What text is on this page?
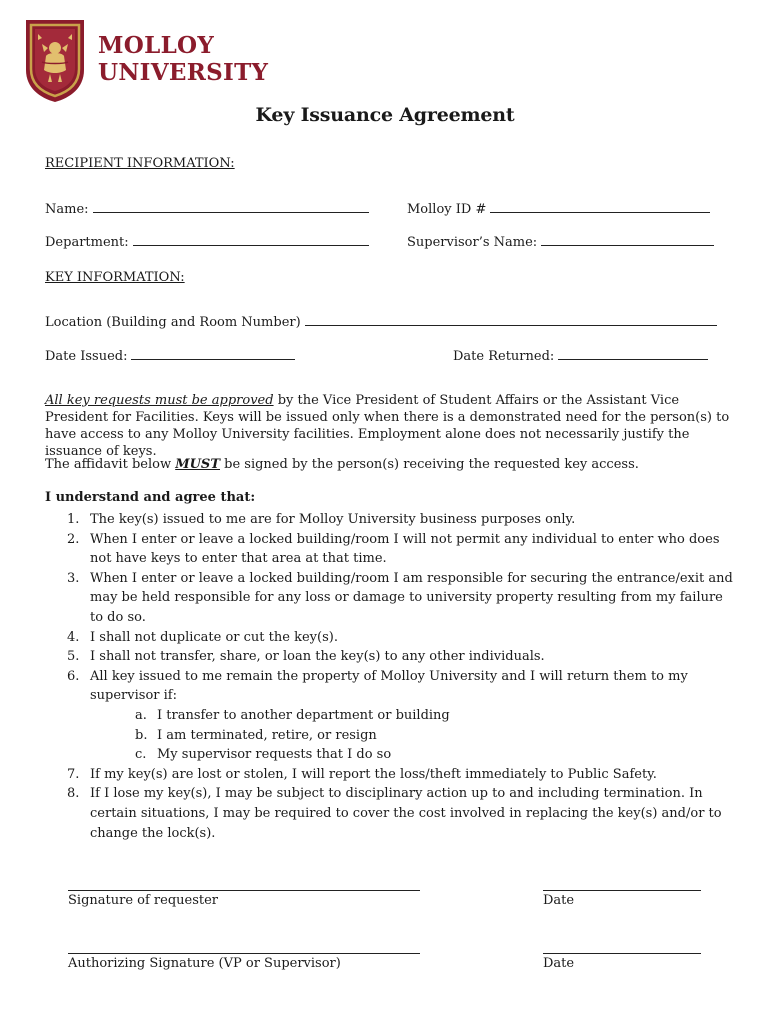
MOLLOY
UNIVERSITY
Key Issuance Agreement
RECIPIENT INFORMATION:
Name:	Molloy ID #
Department:	Supervisor’s Name:
KEY INFORMATION:
Location (Building and Room Number)
Date Issued:	Date Returned:
All key requests must be approved by the Vice President of Student Affairs or the Assistant Vice President for Facilities. Keys will be issued only when there is a demonstrated need for the person(s) to have access to any Molloy University facilities. Employment alone does not necessarily justify the issuance of keys.
The affidavit below MUST be signed by the person(s) receiving the requested key access.
I understand and agree that:
1. The key(s) issued to me are for Molloy University business purposes only.
2. When I enter or leave a locked building/room I will not permit any individual to enter who does not have keys to enter that area at that time.
3. When I enter or leave a locked building/room I am responsible for securing the entrance/exit and may be held responsible for any loss or damage to university property resulting from my failure to do so.
4. I shall not duplicate or cut the key(s).
5. I shall not transfer, share, or loan the key(s) to any other individuals.
6. All key issued to me remain the property of Molloy University and I will return them to my supervisor if:
a. I transfer to another department or building
b. I am terminated, retire, or resign
c. My supervisor requests that I do so
7. If my key(s) are lost or stolen, I will report the loss/theft immediately to Public Safety.
8. If I lose my key(s), I may be subject to disciplinary action up to and including termination. In certain situations, I may be required to cover the cost involved in replacing the key(s) and/or to change the lock(s).
Signature of requester	Date
Authorizing Signature (VP or Supervisor)	Date
